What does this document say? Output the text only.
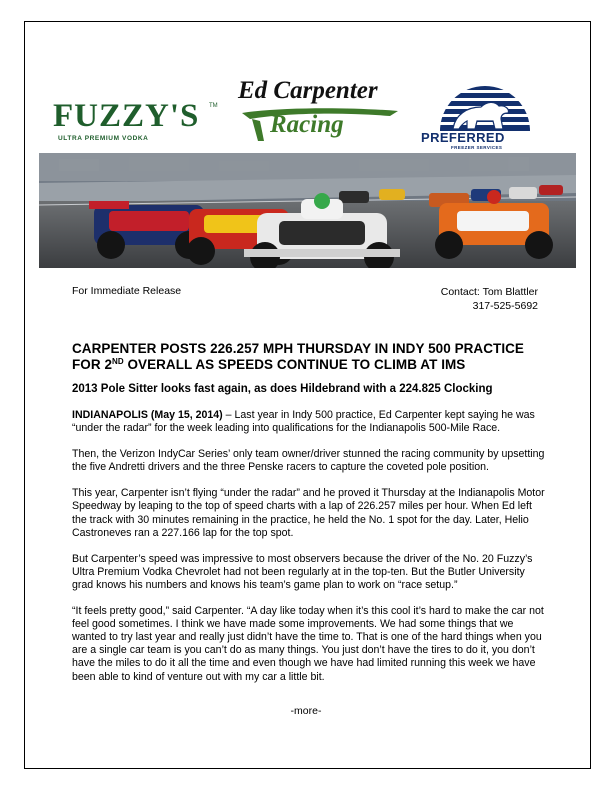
FUZZY'S TM
ULTRA PREMIUM VODKA
Ed Carpenter
Racing	PREFERRED
FREEZER SERVICES
For Immediate Release	Contact: Tom Blattler
317-525-5692
CARPENTER POSTS 226.257 MPH THURSDAY IN INDY 500 PRACTICE
FOR 2ND OVERALL AS SPEEDS CONTINUE TO CLIMB AT IMS
2013 Pole Sitter looks fast again, as does Hildebrand with a 224.825 Clocking

INDIANAPOLIS (May 15, 2014) – Last year in Indy 500 practice, Ed Carpenter kept saying he was “under the radar” for the week leading into qualifications for the Indianapolis 500-Mile Race.

Then, the Verizon IndyCar Series’ only team owner/driver stunned the racing community by upsetting the five Andretti drivers and the three Penske racers to capture the coveted pole position.

This year, Carpenter isn’t flying “under the radar” and he proved it Thursday at the Indianapolis Motor Speedway by leaping to the top of speed charts with a lap of 226.257 miles per hour. When Ed left the track with 30 minutes remaining in the practice, he held the No. 1 spot for the day. Later, Helio Castroneves ran a 227.166 lap for the top spot.

But Carpenter’s speed was impressive to most observers because the driver of the No. 20 Fuzzy’s Ultra Premium Vodka Chevrolet had not been regularly at in the top-ten. But the Butler University grad knows his numbers and knows his team’s game plan to work on “race setup.”

“It feels pretty good,” said Carpenter. “A day like today when it’s this cool it’s hard to make the car not feel good sometimes. I think we have made some improvements. We had some things that we wanted to try last year and really just didn’t have the time to. That is one of the hard things when you are a single car team is you can’t do as many things. You just don’t have the tires to do it, you don’t have the miles to do it all the time and even though we have had limited running this week we have been able to kind of venture out with my car a little bit.

-more-
